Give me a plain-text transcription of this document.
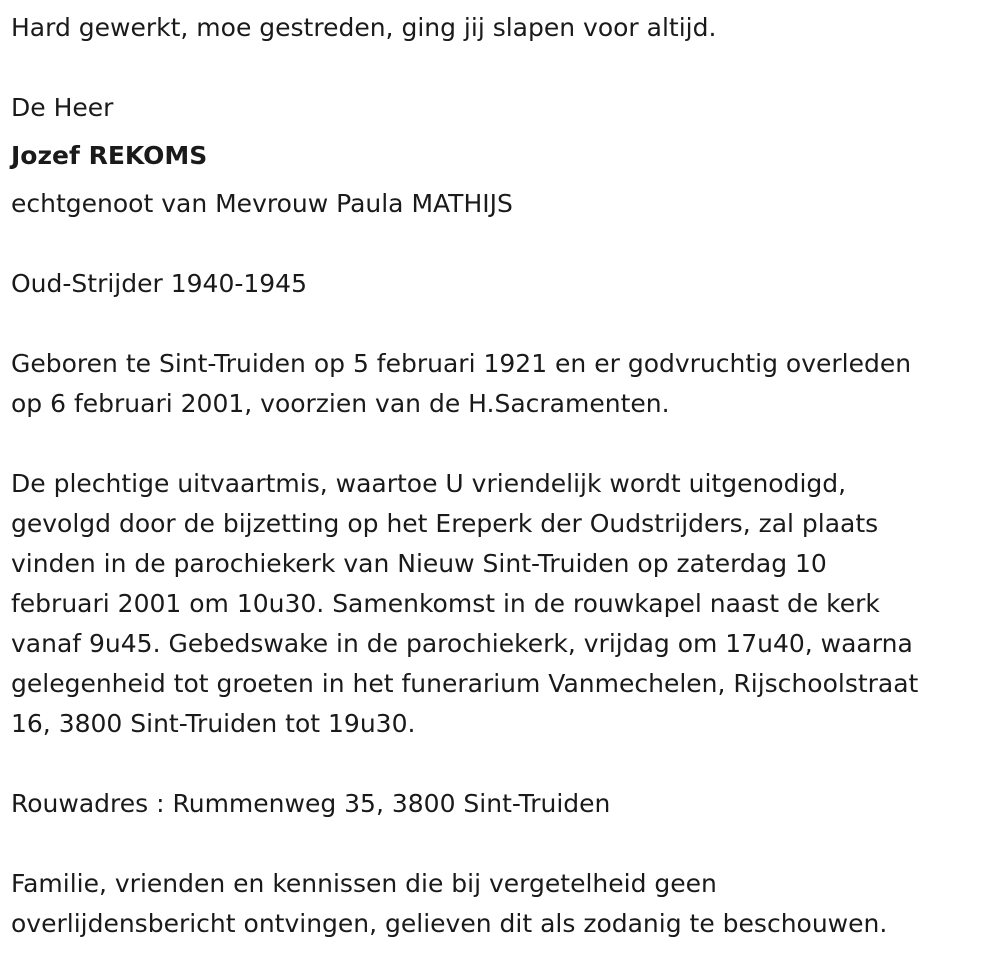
Hard gewerkt, moe gestreden, ging jij slapen voor altijd.
De Heer
Jozef REKOMS
echtgenoot van Mevrouw Paula MATHIJS
Oud-Strijder 1940-1945
Geboren te Sint-Truiden op 5 februari 1921 en er godvruchtig overleden
op 6 februari 2001, voorzien van de H.Sacramenten.
De plechtige uitvaartmis, waartoe U vriendelijk wordt uitgenodigd,
gevolgd door de bijzetting op het Ereperk der Oudstrijders, zal plaats
vinden in de parochiekerk van Nieuw Sint-Truiden op zaterdag 10
februari 2001 om 10u30. Samenkomst in de rouwkapel naast de kerk
vanaf 9u45. Gebedswake in de parochiekerk, vrijdag om 17u40, waarna
gelegenheid tot groeten in het funerarium Vanmechelen, Rijschoolstraat
16, 3800 Sint-Truiden tot 19u30.
Rouwadres : Rummenweg 35, 3800 Sint-Truiden
Familie, vrienden en kennissen die bij vergetelheid geen
overlijdensbericht ontvingen, gelieven dit als zodanig te beschouwen.
